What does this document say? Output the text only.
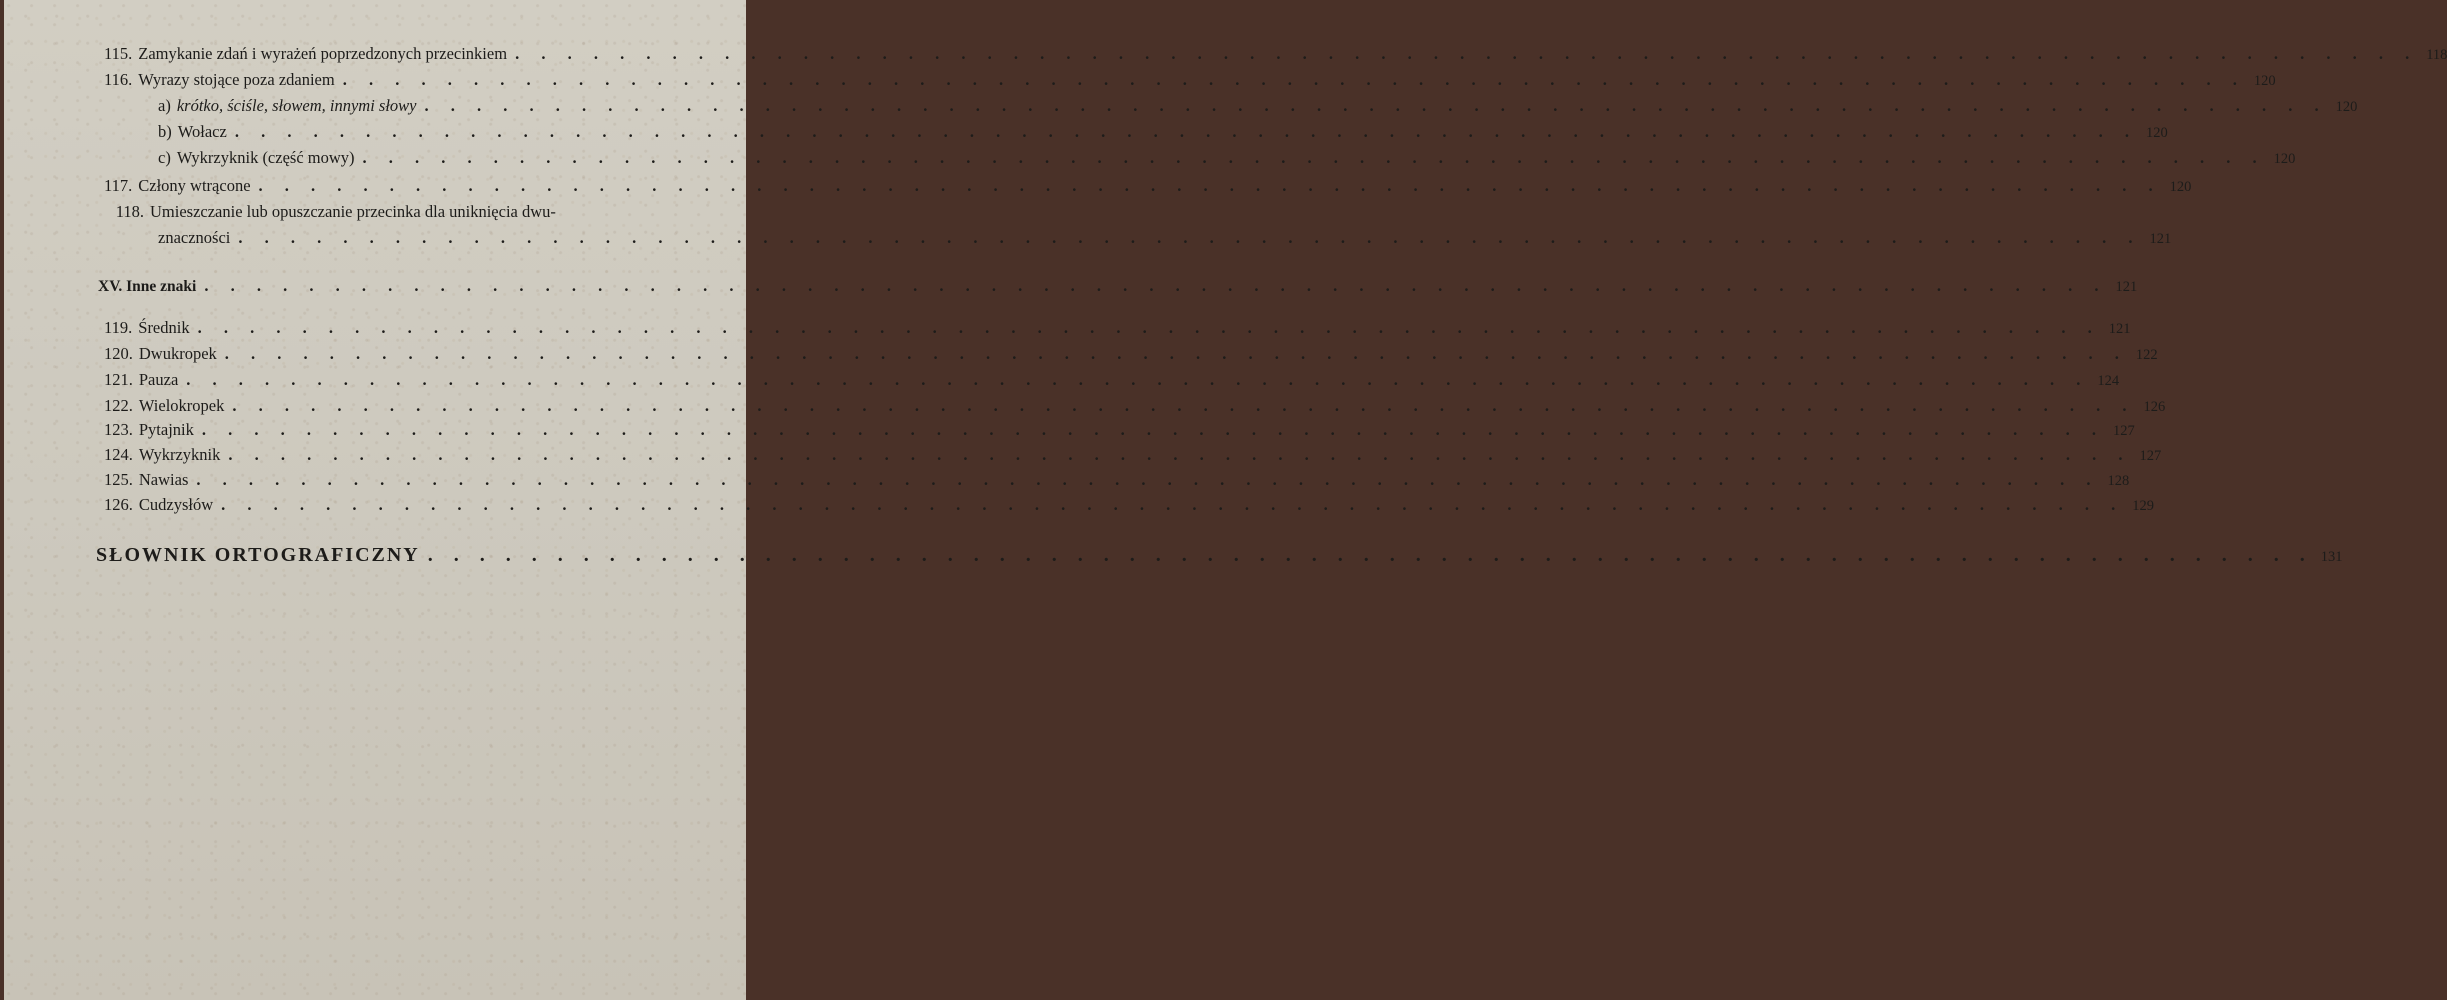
115. Zamykanie zdań i wyrażeń poprzedzonych przecinkiem . . . . . . . . . . . . . . . . . . . . . . . . . . . . . . . . . . . . . . . . . . . . . . . . . . . . . . . . . . . . . . . . . . . . . . . . . 118
116. Wyrazy stojące poza zdaniem . . . . . . . . . . . . . . . . . . . . . . . . . . . . . . . . . . . . . . . . . . . . . . . . . . . . . . . . . . . . . . . . . . . . . . . . . 120
a) krótko, ściśle, słowem, innymi słowy . . . . . . . . . . . . . . . . . . . . . . . . . . . . . . . . . . . . . . . . . . . . . . . . . . . . . . . . . . . . . . . . . . . . . . . . . 120
b) Wołacz . . . . . . . . . . . . . . . . . . . . . . . . . . . . . . . . . . . . . . . . . . . . . . . . . . . . . . . . . . . . . . . . . . . . . . . . . 120
c) Wykrzyknik (część mowy) . . . . . . . . . . . . . . . . . . . . . . . . . . . . . . . . . . . . . . . . . . . . . . . . . . . . . . . . . . . . . . . . . . . . . . . . . 120
117. Człony wtrącone . . . . . . . . . . . . . . . . . . . . . . . . . . . . . . . . . . . . . . . . . . . . . . . . . . . . . . . . . . . . . . . . . . . . . . . . . 120
118. Umieszczanie lub opuszczanie przecinka dla uniknięcia dwu-
znaczności . . . . . . . . . . . . . . . . . . . . . . . . . . . . . . . . . . . . . . . . . . . . . . . . . . . . . . . . . . . . . . . . . . . . . . . . . 121
XV. Inne znaki . . . . . . . . . . . . . . . . . . . . . . . . . . . . . . . . . . . . . . . . . . . . . . . . . . . . . . . . . . . . . . . . . . . . . . . . . 121
119. Średnik . . . . . . . . . . . . . . . . . . . . . . . . . . . . . . . . . . . . . . . . . . . . . . . . . . . . . . . . . . . . . . . . . . . . . . . . . 121
120. Dwukropek . . . . . . . . . . . . . . . . . . . . . . . . . . . . . . . . . . . . . . . . . . . . . . . . . . . . . . . . . . . . . . . . . . . . . . . . . 122
121. Pauza . . . . . . . . . . . . . . . . . . . . . . . . . . . . . . . . . . . . . . . . . . . . . . . . . . . . . . . . . . . . . . . . . . . . . . . . . 124
122. Wielokropek . . . . . . . . . . . . . . . . . . . . . . . . . . . . . . . . . . . . . . . . . . . . . . . . . . . . . . . . . . . . . . . . . . . . . . . . . 126
123. Pytajnik . . . . . . . . . . . . . . . . . . . . . . . . . . . . . . . . . . . . . . . . . . . . . . . . . . . . . . . . . . . . . . . . . . . . . . . . . 127
124. Wykrzyknik . . . . . . . . . . . . . . . . . . . . . . . . . . . . . . . . . . . . . . . . . . . . . . . . . . . . . . . . . . . . . . . . . . . . . . . . . 127
125. Nawias . . . . . . . . . . . . . . . . . . . . . . . . . . . . . . . . . . . . . . . . . . . . . . . . . . . . . . . . . . . . . . . . . . . . . . . . . 128
126. Cudzysłów . . . . . . . . . . . . . . . . . . . . . . . . . . . . . . . . . . . . . . . . . . . . . . . . . . . . . . . . . . . . . . . . . . . . . . . . . 129
SŁOWNIK ORTOGRAFICZNY . . . . . . . . . . . . . . . . . . . . . . . . . . . . . . . . . . . . . . . . . . . . . . . . . . . . . . . . . . . . . . . . . . . . . . . . . 131
